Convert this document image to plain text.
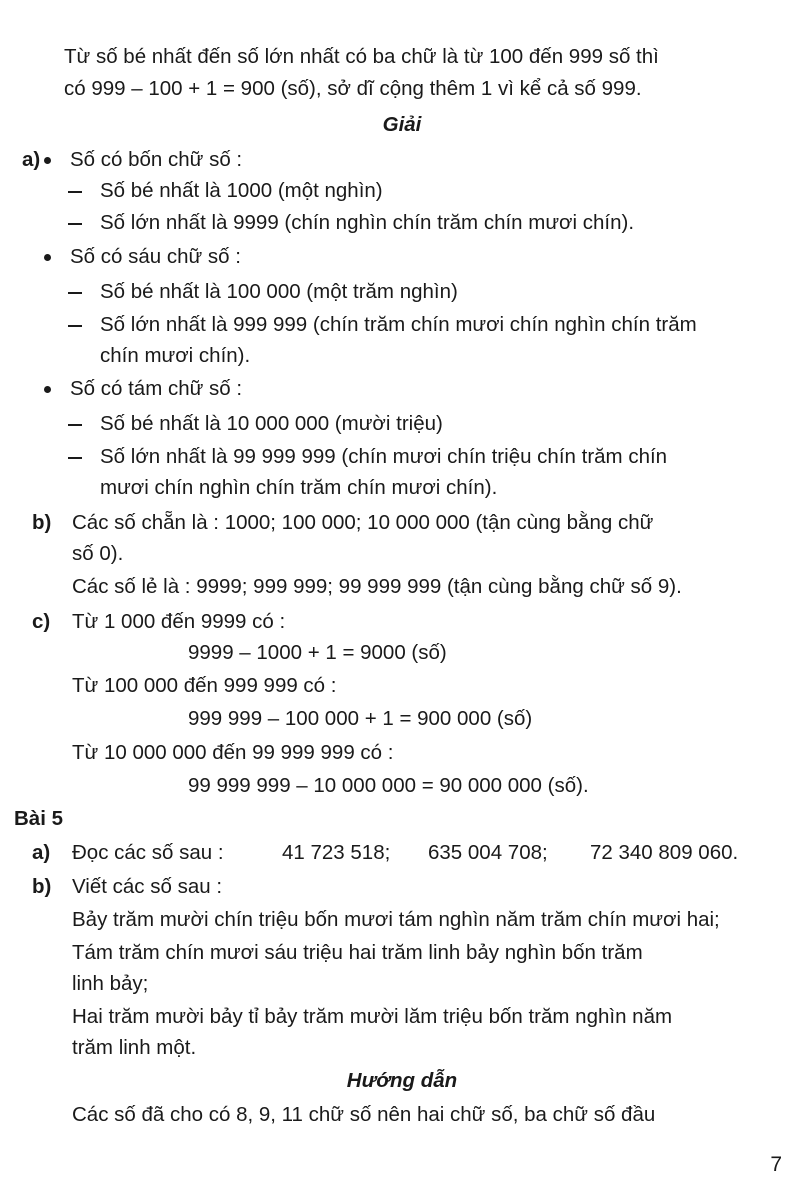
Từ số bé nhất đến số lớn nhất có ba chữ là từ 100 đến 999 số thì
có 999 – 100 + 1 = 900 (số), sở dĩ cộng thêm 1 vì kể cả số 999.
Giải
a) Số có bốn chữ số :
Số bé nhất là 1000 (một nghìn)
Số lớn nhất là 9999 (chín nghìn chín trăm chín mươi chín).
Số có sáu chữ số :
Số bé nhất là 100 000 (một trăm nghìn)
Số lớn nhất là 999 999 (chín trăm chín mươi chín nghìn chín trăm
chín mươi chín).
Số có tám chữ số :
Số bé nhất là 10 000 000 (mười triệu)
Số lớn nhất là 99 999 999 (chín mươi chín triệu chín trăm chín
mươi chín nghìn chín trăm chín mươi chín).
b) Các số chẵn là : 1000; 100 000; 10 000 000 (tận cùng bằng chữ
số 0).
Các số lẻ là : 9999; 999 999; 99 999 999 (tận cùng bằng chữ số 9).
c) Từ 1 000 đến 9999 có :
9999 – 1000 + 1 = 9000 (số)
Từ 100 000 đến 999 999 có :
999 999 – 100 000 + 1 = 900 000 (số)
Từ 10 000 000 đến 99 999 999 có :
99 999 999 – 10 000 000 = 90 000 000 (số).
Bài 5
a) Đọc các số sau :	41 723 518; 635 004 708; 72 340 809 060.
b) Viết các số sau :
Bảy trăm mười chín triệu bốn mươi tám nghìn năm trăm chín mươi hai;
Tám trăm chín mươi sáu triệu hai trăm linh bảy nghìn bốn trăm
linh bảy;
Hai trăm mười bảy tỉ bảy trăm mười lăm triệu bốn trăm nghìn năm
trăm linh một.
Hướng dẫn
Các số đã cho có 8, 9, 11 chữ số nên hai chữ số, ba chữ số đầu
7
